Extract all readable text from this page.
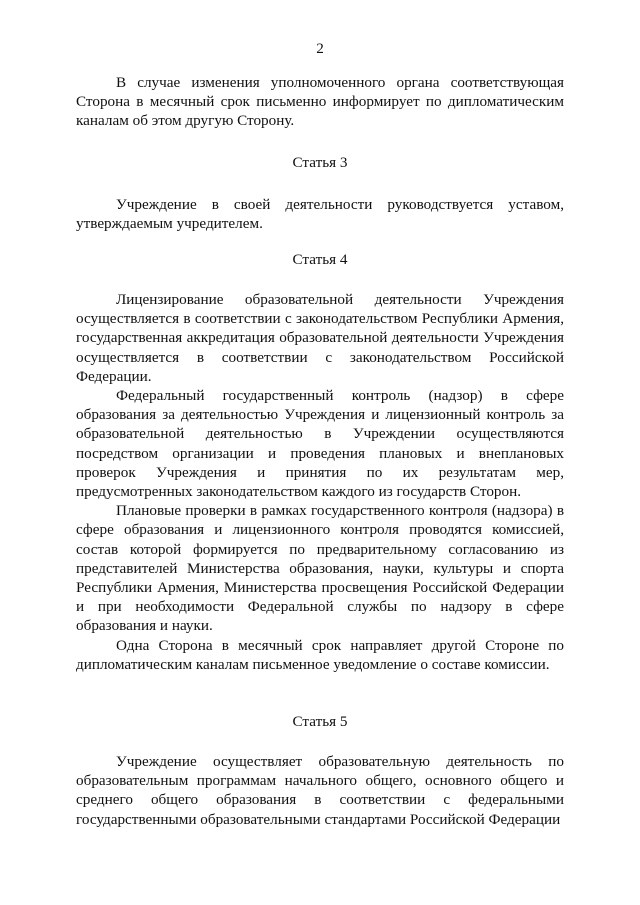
2

В случае изменения уполномоченного органа соответствующая Сторона в месячный срок письменно информирует по дипломатическим каналам об этом другую Сторону.

Статья 3

Учреждение в своей деятельности руководствуется уставом, утверждаемым учредителем.

Статья 4

Лицензирование образовательной деятельности Учреждения осуществляется в соответствии с законодательством Республики Армения, государственная аккредитация образовательной деятельности Учреждения осуществляется в соответствии с законодательством Российской Федерации.

Федеральный государственный контроль (надзор) в сфере образования за деятельностью Учреждения и лицензионный контроль за образовательной деятельностью в Учреждении осуществляются посредством организации и проведения плановых и внеплановых проверок Учреждения и принятия по их результатам мер, предусмотренных законодательством каждого из государств Сторон.

Плановые проверки в рамках государственного контроля (надзора) в сфере образования и лицензионного контроля проводятся комиссией, состав которой формируется по предварительному согласованию из представителей Министерства образования, науки, культуры и спорта Республики Армения, Министерства просвещения Российской Федерации и при необходимости Федеральной службы по надзору в сфере образования и науки.

Одна Сторона в месячный срок направляет другой Стороне по дипломатическим каналам письменное уведомление о составе комиссии.

Статья 5

Учреждение осуществляет образовательную деятельность по образовательным программам начального общего, основного общего и среднего общего образования в соответствии с федеральными государственными образовательными стандартами Российской Федерации
